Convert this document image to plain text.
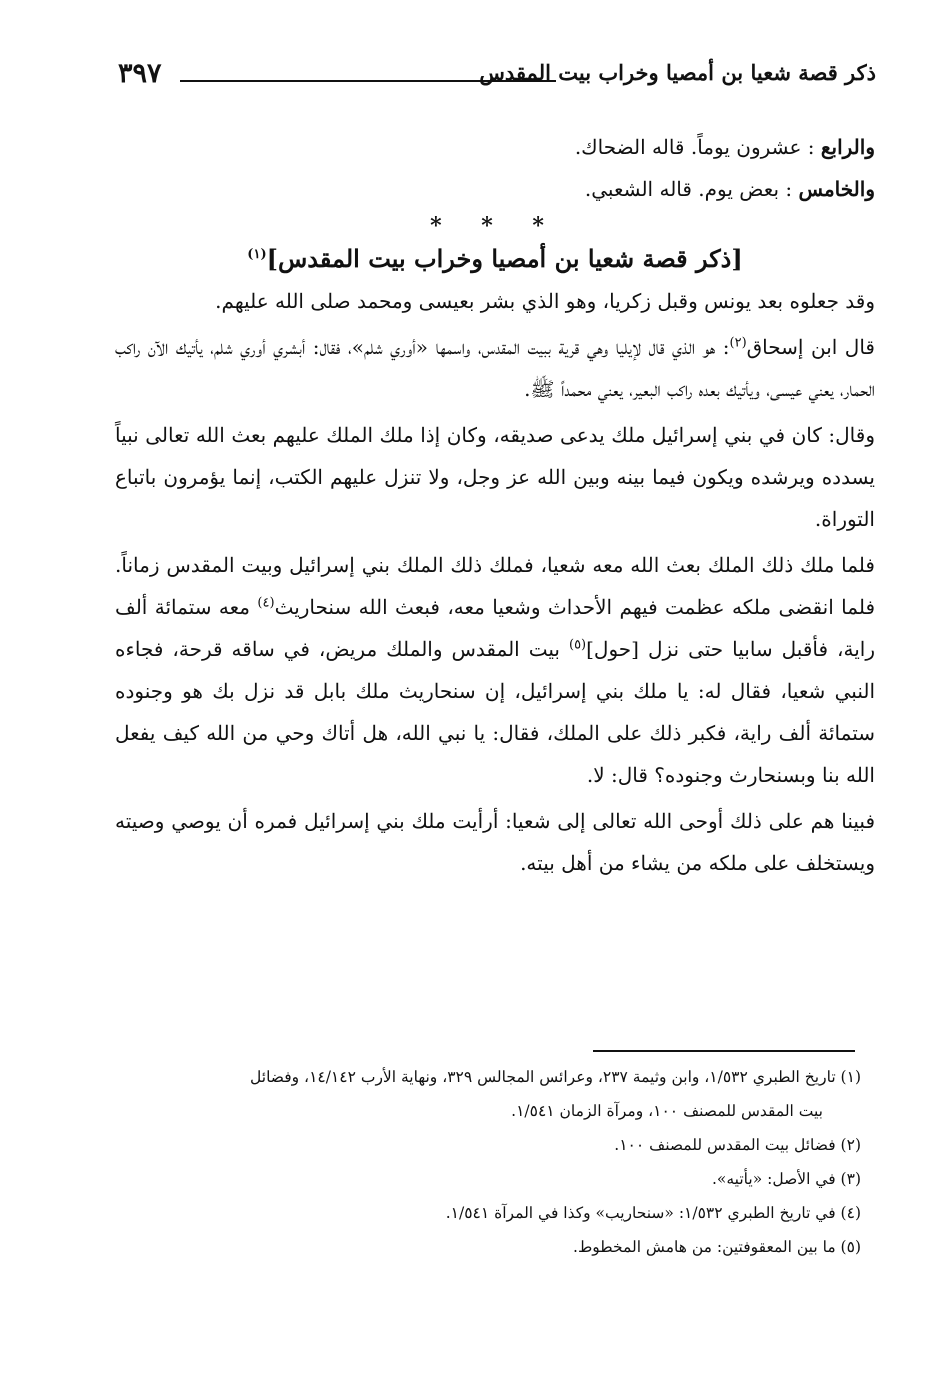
٣٩٧	ذكر قصة شعيا بن أمصيا وخراب بيت المقدس

والرابع : عشرون يوماً. قاله الضحاك.

والخامس : بعض يوم. قاله الشعبي.

* * *
[ذكر قصة شعيا بن أمصيا وخراب بيت المقدس]$^{(١)}$

وقد جعلوه بعد يونس وقبل زكريا، وهو الذي بشر بعيسى ومحمد صلى الله عليهم.

قال ابن إسحاق$^{(٢)}$: هو الذي قال لإيليا وهي قرية ببيت المقدس، واسمها «أوري شلم»، فقال: أبشري أوري شلم، يأتيك الآن راكب الحمار، يعني عيسى، ويأتيك بعده راكب البعير، يعني محمداً ﷺ.

وقال: كان في بني إسرائيل ملك يدعى صديقه، وكان إذا ملك الملك عليهم بعث الله تعالى نبياً يسدده ويرشده ويكون فيما بينه وبين الله عز وجل، ولا تنزل عليهم الكتب، إنما يؤمرون باتباع التوراة.

فلما ملك ذلك الملك بعث الله معه شعيا، فملك ذلك الملك بني إسرائيل وبيت المقدس زماناً. فلما انقضى ملكه عظمت فيهم الأحداث وشعيا معه، فبعث الله سنحاريث$^{(٤)}$ معه ستمائة ألف راية، فأقبل سابيا حتى نزل [حول]$^{(٥)}$ بيت المقدس والملك مريض، في ساقه قرحة، فجاءه النبي شعيا، فقال له: يا ملك بني إسرائيل، إن سنحاريث ملك بابل قد نزل بك هو وجنوده ستمائة ألف راية، فكبر ذلك على الملك، فقال: يا نبي الله، هل أتاك وحي من الله كيف يفعل الله بنا وبسنحارث وجنوده؟ قال: لا.

فبينا هم على ذلك أوحى الله تعالى إلى شعيا: أرأيت ملك بني إسرائيل فمره أن يوصي وصيته ويستخلف على ملكه من يشاء من أهل بيته.

(١) تاريخ الطبري ١/٥٣٢، وابن وثيمة ٢٣٧، وعرائس المجالس ٣٢٩، ونهاية الأرب ١٤/١٤٢، وفضائل

بيت المقدس للمصنف ١٠٠، ومرآة الزمان ١/٥٤١.

(٢) فضائل بيت المقدس للمصنف ١٠٠.

(٣) في الأصل: «يأتيه».

(٤) في تاريخ الطبري ١/٥٣٢: «سنحاريب» وكذا في المرآة ١/٥٤١.

(٥) ما بين المعقوفتين: من هامش المخطوط.
